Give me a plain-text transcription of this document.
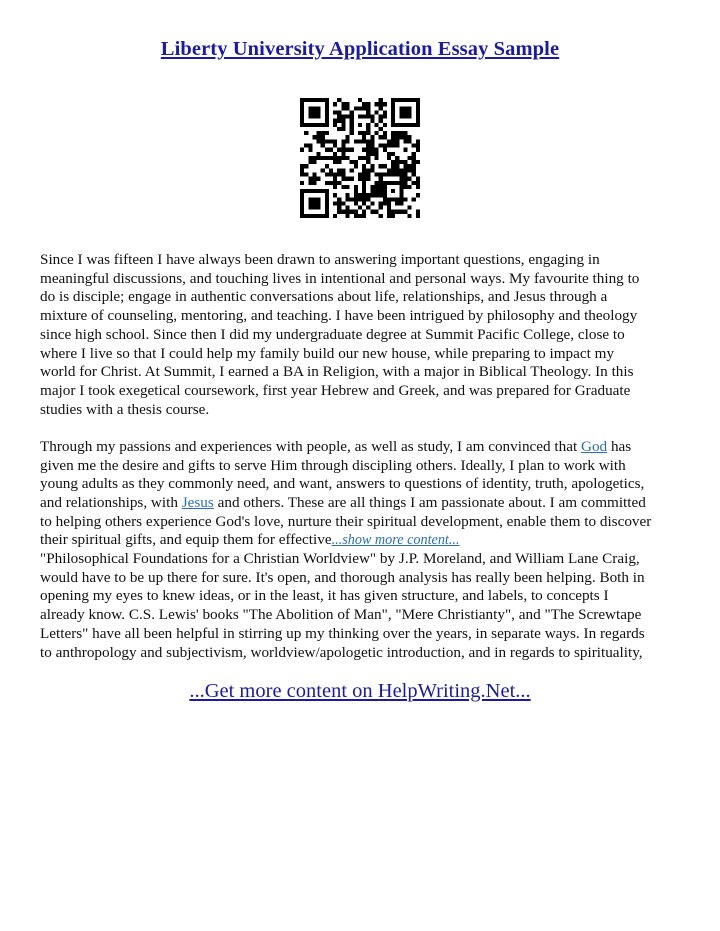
Liberty University Application Essay Sample

Since I was fifteen I have always been drawn to answering important questions, engaging in

meaningful discussions, and touching lives in intentional and personal ways. My favourite thing to

do is disciple; engage in authentic conversations about life, relationships, and Jesus through a

mixture of counseling, mentoring, and teaching. I have been intrigued by philosophy and theology

since high school. Since then I did my undergraduate degree at Summit Pacific College, close to

where I live so that I could help my family build our new house, while preparing to impact my

world for Christ. At Summit, I earned a BA in Religion, with a major in Biblical Theology. In this

major I took exegetical coursework, first year Hebrew and Greek, and was prepared for Graduate

studies with a thesis course.

Through my passions and experiences with people, as well as study, I am convinced that God has

given me the desire and gifts to serve Him through discipling others. Ideally, I plan to work with

young adults as they commonly need, and want, answers to questions of identity, truth, apologetics,

and relationships, with Jesus and others. These are all things I am passionate about. I am committed

to helping others experience God's love, nurture their spiritual development, enable them to discover

their spiritual gifts, and equip them for effective...show more content...

"Philosophical Foundations for a Christian Worldview" by J.P. Moreland, and William Lane Craig,

would have to be up there for sure. It's open, and thorough analysis has really been helping. Both in

opening my eyes to knew ideas, or in the least, it has given structure, and labels, to concepts I

already know. C.S. Lewis' books "The Abolition of Man", "Mere Christianty", and "The Screwtape

Letters" have all been helpful in stirring up my thinking over the years, in separate ways. In regards

to anthropology and subjectivism, worldview/apologetic introduction, and in regards to spirituality,

...Get more content on HelpWriting.Net...
